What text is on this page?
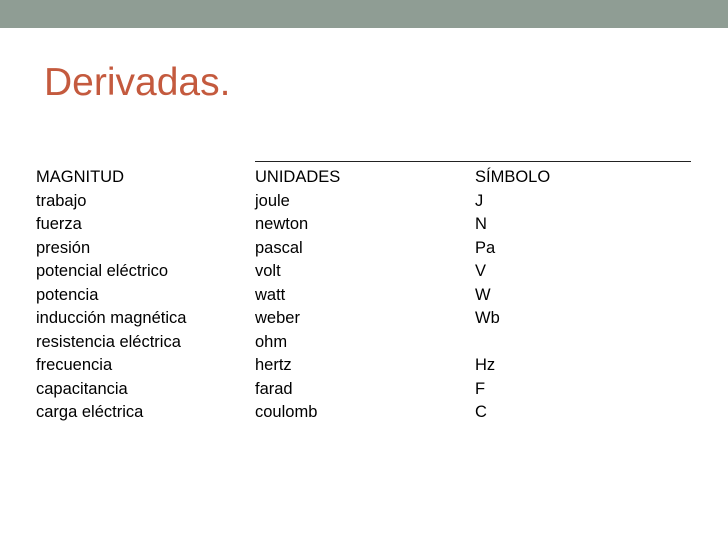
Derivadas.
MAGNITUD	UNIDADES	SÍMBOLO
trabajo	joule	J
fuerza	newton	N
presión	pascal	Pa
potencial eléctrico	volt	V
potencia	watt	W
inducción magnética	weber	Wb
resistencia eléctrica	ohm
frecuencia	hertz	Hz
capacitancia	farad	F
carga eléctrica	coulomb	C
